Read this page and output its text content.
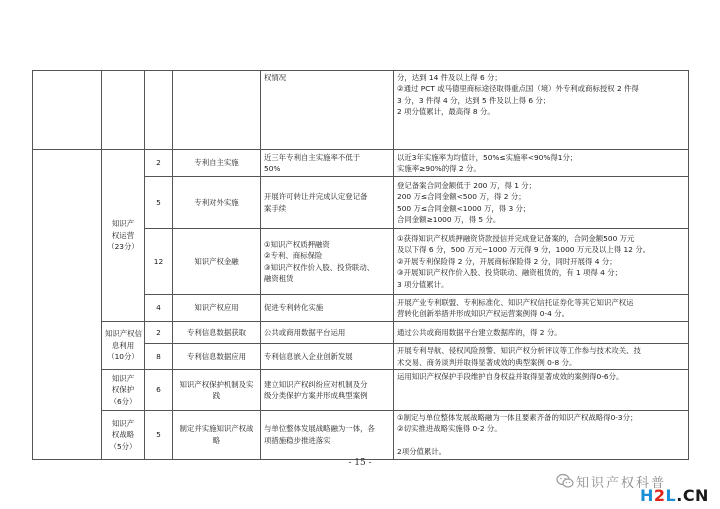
				权情况	分，达到 14 件及以上得 6 分；
②通过 PCT 或马德里商标途径取得重点国（境）外专利或商标授权 2 件得
3 分，3 件得 4 分，达到 5 件及以上得 6 分；
2 项分值累计，最高得 8 分。

	知识产
权运营
（23分）	2	专利自主实施	近三年专利自主实施率不低于
50%	以近3年实施率为均值计，50%≤实施率<90%得1分；
实施率≥90%的得 2 分。

		5	专利对外实施	开展许可转让并完成认定登记备
案手续	登记备案合同金额低于 200 万，得 1 分；
200 万≤合同金额<500 万，得 2 分；
500 万≤合同金额<1000 万，得 3 分；
合同金额≥1000 万，得 5 分。

		12	知识产权金融	①知识产权质押融资
②专利、商标保险
③知识产权作价入股、投贷联动、
融资租赁	①获得知识产权质押融资贷款授信并完成登记备案的，合同金额500 万元
及以下得 6 分，500 万元~1000 万元得 9 分，1000 万元及以上得 12 分。
②开展专利保险得 2 分，开展商标保险得 2 分，同时开展得 4 分；
③开展知识产权作价入股、投贷联动、融资租赁的，有 1 项得 4 分；
3 项分值累计。

		4	知识产权应用	促进专利转化实施	开展产业专利联盟、专利标准化、知识产权信托证券化等其它知识产权运
营转化创新举措并形成知识产权运营案例得 0-4 分。

	知识产权信
息利用
（10分）	2	专利信息数据获取	公共或商用数据平台运用	通过公共或商用数据平台建立数据库的，得 2 分。

		8	专利信息数据应用	专利信息嵌入企业创新发展	开展专利导航、侵权风险预警、知识产权分析评议等工作参与技术攻关、技
术交易、商务谈判并取得显著成效的典型案例 0-8 分。

	知识产
权保护
（6分）	6	知识产权保护机制及实
践	建立知识产权纠纷应对机制及分
级分类保护方案并形成典型案例	运用知识产权保护手段维护自身权益并取得显著成效的案例得0-6分。

	知识产
权战略
（5分）	5	制定并实施知识产权战
略	与单位整体发展战略融为一体，各
项措施稳步推进落实	①制定与单位整体发展战略融为一体且要素齐备的知识产权战略得0-3分；
②切实推进战略实施得 0-2 分。

2项分值累计。
- 15 -
知识产权科普
H2L.CN
